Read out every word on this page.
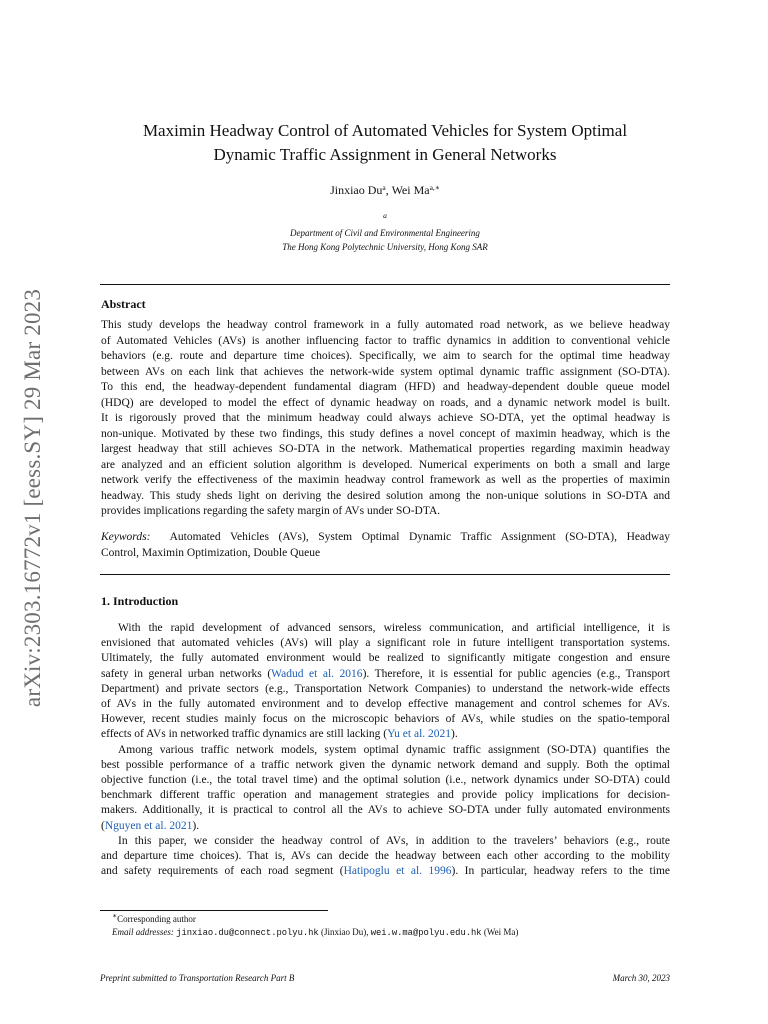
arXiv:2303.16772v1 [eess.SY] 29 Mar 2023
Maximin Headway Control of Automated Vehicles for System Optimal
Dynamic Traffic Assignment in General Networks
Jinxiao Du$^a$, Wei $Ma^{a,∗}$
$^a$
Department of Civil and Environmental Engineering
The Hong Kong Polytechnic University, Hong Kong SAR
Abstract
This study develops the headway control framework in a fully automated road network, as we believe headway
of Automated Vehicles (AVs) is another influencing factor to traffic dynamics in addition to conventional vehicle
behaviors (e.g. route and departure time choices). Specifically, we aim to search for the optimal time headway
between AVs on each link that achieves the network-wide system optimal dynamic traffic assignment (SO-DTA).
To this end, the headway-dependent fundamental diagram (HFD) and headway-dependent double queue model
(HDQ) are developed to model the effect of dynamic headway on roads, and a dynamic network model is built.
It is rigorously proved that the minimum headway could always achieve SO-DTA, yet the optimal headway is
non-unique. Motivated by these two findings, this study defines a novel concept of maximin headway, which is the
largest headway that still achieves SO-DTA in the network. Mathematical properties regarding maximin headway
are analyzed and an efficient solution algorithm is developed. Numerical experiments on both a small and large
network verify the effectiveness of the maximin headway control framework as well as the properties of maximin
headway. This study sheds light on deriving the desired solution among the non-unique solutions in SO-DTA and
provides implications regarding the safety margin of AVs under SO-DTA.
Keywords: Automated Vehicles (AVs), System Optimal Dynamic Traffic Assignment (SO-DTA), Headway
Control, Maximin Optimization, Double Queue
1. Introduction
With the rapid development of advanced sensors, wireless communication, and artificial intelligence, it is
envisioned that automated vehicles (AVs) will play a significant role in future intelligent transportation systems.
Ultimately, the fully automated environment would be realized to significantly mitigate congestion and ensure
safety in general urban networks (Wadud et al. 2016). Therefore, it is essential for public agencies (e.g., Transport
Department) and private sectors (e.g., Transportation Network Companies) to understand the network-wide effects
of AVs in the fully automated environment and to develop effective management and control schemes for AVs.
However, recent studies mainly focus on the microscopic behaviors of AVs, while studies on the spatio-temporal
effects of AVs in networked traffic dynamics are still lacking (Yu et al. 2021).
Among various traffic network models, system optimal dynamic traffic assignment (SO-DTA) quantifies the
best possible performance of a traffic network given the dynamic network demand and supply. Both the optimal
objective function (i.e., the total travel time) and the optimal solution (i.e., network dynamics under SO-DTA) could
benchmark different traffic operation and management strategies and provide policy implications for decision-
makers. Additionally, it is practical to control all the AVs to achieve SO-DTA under fully automated environments
(Nguyen et al. 2021).
In this paper, we consider the headway control of AVs, in addition to the travelers’ behaviors (e.g., route
and departure time choices). That is, AVs can decide the headway between each other according to the mobility
and safety requirements of each road segment (Hatipoglu et al. 1996). In particular, headway refers to the time
∗Corresponding author
Email addresses: jinxiao.du@connect.polyu.hk (Jinxiao Du), wei.w.ma@polyu.edu.hk (Wei Ma)
Preprint submitted to Transportation Research Part B	March 30, 2023
